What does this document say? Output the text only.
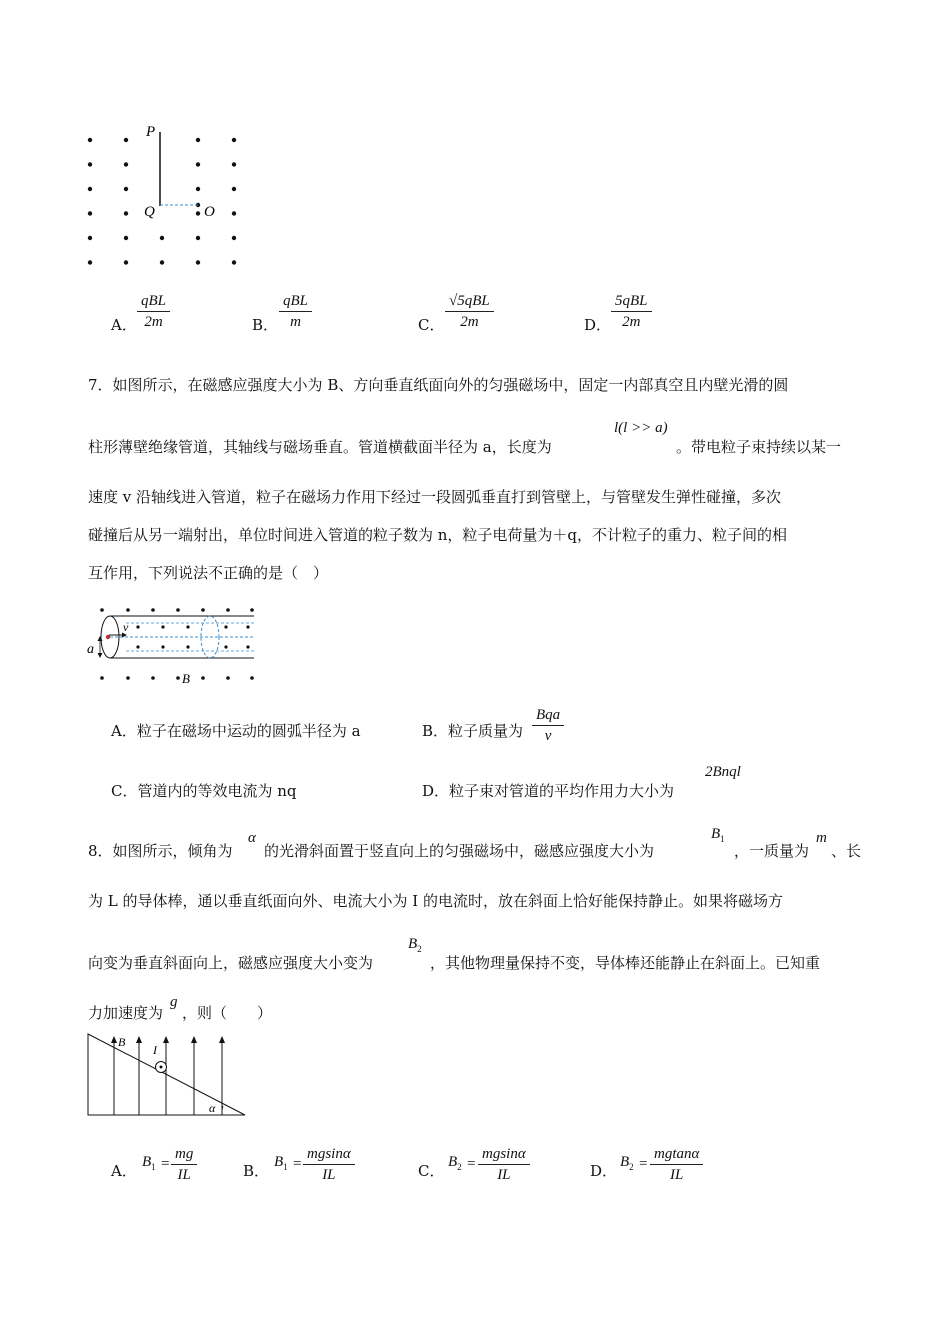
P
Q	O
A．
qBL
2m	B．
qBL
m	C．
√5qBL
2m	D．
5qBL
2m
7．如图所示，在磁感应强度大小为 B、方向垂直纸面向外的匀强磁场中，固定一内部真空且内壁光滑的圆
柱形薄壁绝缘管道，其轴线与磁场垂直。管道横截面半径为 a，长度为
l(l >> a)
。带电粒子束持续以某一
速度 v 沿轴线进入管道，粒子在磁场力作用下经过一段圆弧垂直打到管壁上，与管壁发生弹性碰撞，多次
碰撞后从另一端射出，单位时间进入管道的粒子数为 n，粒子电荷量为＋q，不计粒子的重力、粒子间的相
互作用，下列说法不正确的是（　）
v
a
B
A．粒子在磁场中运动的圆弧半径为 a	B．粒子质量为
Bqa
v
C．管道内的等效电流为 nq	D．粒子束对管道的平均作用力大小为
2Bnql
8．如图所示，倾角为
α
的光滑斜面置于竖直向上的匀强磁场中，磁感应强度大小为
$B_1$
，一质量为
m
、长
为 L 的导体棒，通以垂直纸面向外、电流大小为 I 的电流时，放在斜面上恰好能保持静止。如果将磁场方
向变为垂直斜面向上，磁感应强度大小变为
$B_2$
，其他物理量保持不变，导体棒还能静止在斜面上。已知重
力加速度为
g
，则（　　）
I
B
α
A． $B_1 = \frac{mg}{IL}$	B． $B_1 = \frac{mgsin\alpha}{IL}$	C． $B_2 = \frac{mgsin\alpha}{IL}$	D． $B_2 = \frac{mgtan\alpha}{IL}$
